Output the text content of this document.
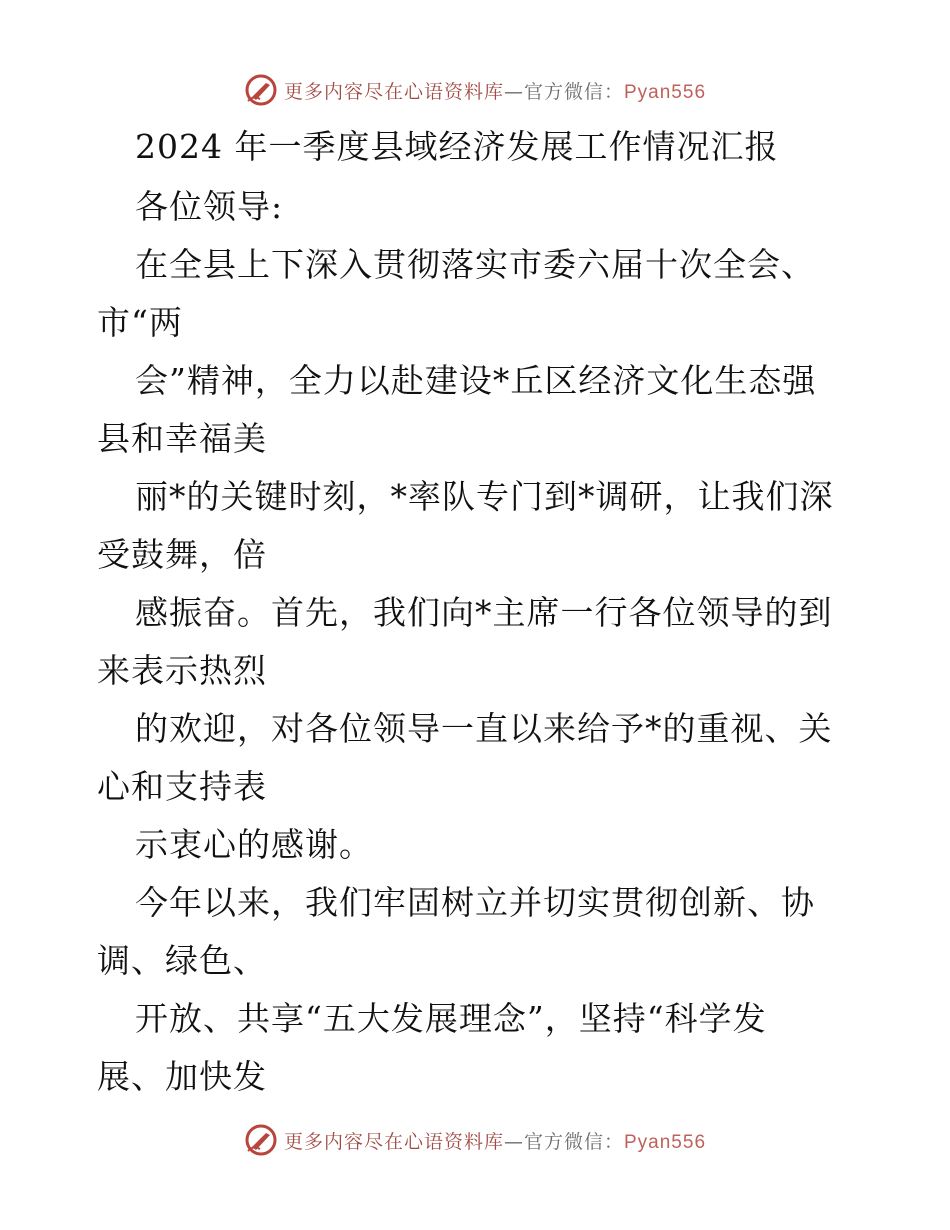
更多内容尽在心语资料库—官方微信：Pyan556
2024 年一季度县域经济发展工作情况汇报
各位领导:
在全县上下深入贯彻落实市委六届十次全会、
市“两
会”精神，全力以赴建设*丘区经济文化生态强
县和幸福美
丽*的关键时刻，*率队专门到*调研，让我们深
受鼓舞，倍
感振奋。首先，我们向*主席一行各位领导的到
来表示热烈
的欢迎，对各位领导一直以来给予*的重视、关
心和支持表
示衷心的感谢。
今年以来，我们牢固树立并切实贯彻创新、协
调、绿色、
开放、共享“五大发展理念”，坚持“科学发
展、加快发
更多内容尽在心语资料库—官方微信：Pyan556
